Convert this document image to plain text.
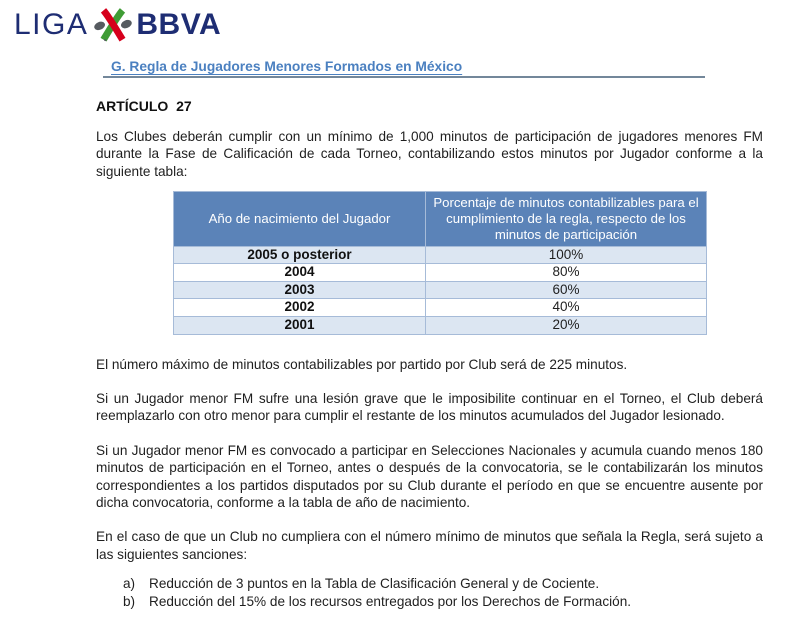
LIGA BBVA
G. Regla de Jugadores Menores Formados en México
ARTÍCULO  27

Los Clubes deberán cumplir con un mínimo de 1,000 minutos de participación de jugadores menores FM durante la Fase de Calificación de cada Torneo, contabilizando estos minutos por Jugador conforme a la siguiente tabla:

Año de nacimiento del Jugador	Porcentaje de minutos contabilizables para el cumplimiento de la regla, respecto de los minutos de participación
2005 o posterior	100%
2004	80%
2003	60%
2002	40%
2001	20%

El número máximo de minutos contabilizables por partido por Club será de 225 minutos.

Si un Jugador menor FM sufre una lesión grave que le imposibilite continuar en el Torneo, el Club deberá reemplazarlo con otro menor para cumplir el restante de los minutos acumulados del Jugador lesionado.

Si un Jugador menor FM es convocado a participar en Selecciones Nacionales y acumula cuando menos 180 minutos de participación en el Torneo, antes o después de la convocatoria, se le contabilizarán los minutos correspondientes a los partidos disputados por su Club durante el período en que se encuentre ausente por dicha convocatoria, conforme a la tabla de año de nacimiento.

En el caso de que un Club no cumpliera con el número mínimo de minutos que señala la Regla, será sujeto a las siguientes sanciones:

a)	Reducción de 3 puntos en la Tabla de Clasificación General y de Cociente.
b)	Reducción del 15% de los recursos entregados por los Derechos de Formación.
